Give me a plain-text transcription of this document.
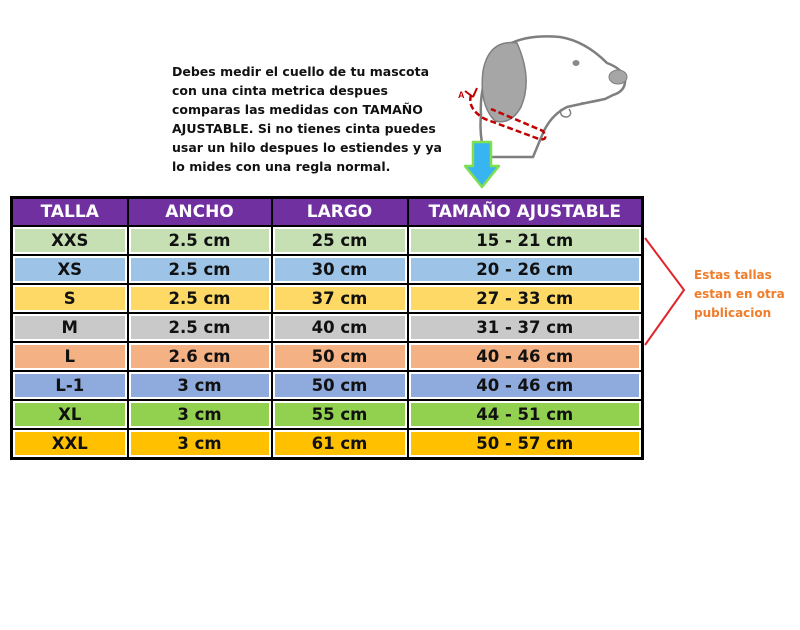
Debes medir el cuello de tu mascota con una cinta metrica despues comparas las medidas con TAMAÑO AJUSTABLE. Si no tienes cinta puedes usar un hilo despues lo estiendes y ya lo mides con una regla normal.

A
TALLA	ANCHO	LARGO	TAMAÑO AJUSTABLE

XXS	2.5 cm	25 cm	15 - 21 cm

XS	2.5 cm	30 cm	20 - 26 cm

S	2.5 cm	37 cm	27 - 33 cm

M	2.5 cm	40 cm	31 - 37 cm

L	2.6 cm	50 cm	40 - 46 cm

L-1	3 cm	50 cm	40 - 46 cm

XL	3 cm	55 cm	44 - 51 cm

XXL	3 cm	61 cm	50 - 57 cm
Estas tallas estan en otra publicacion
